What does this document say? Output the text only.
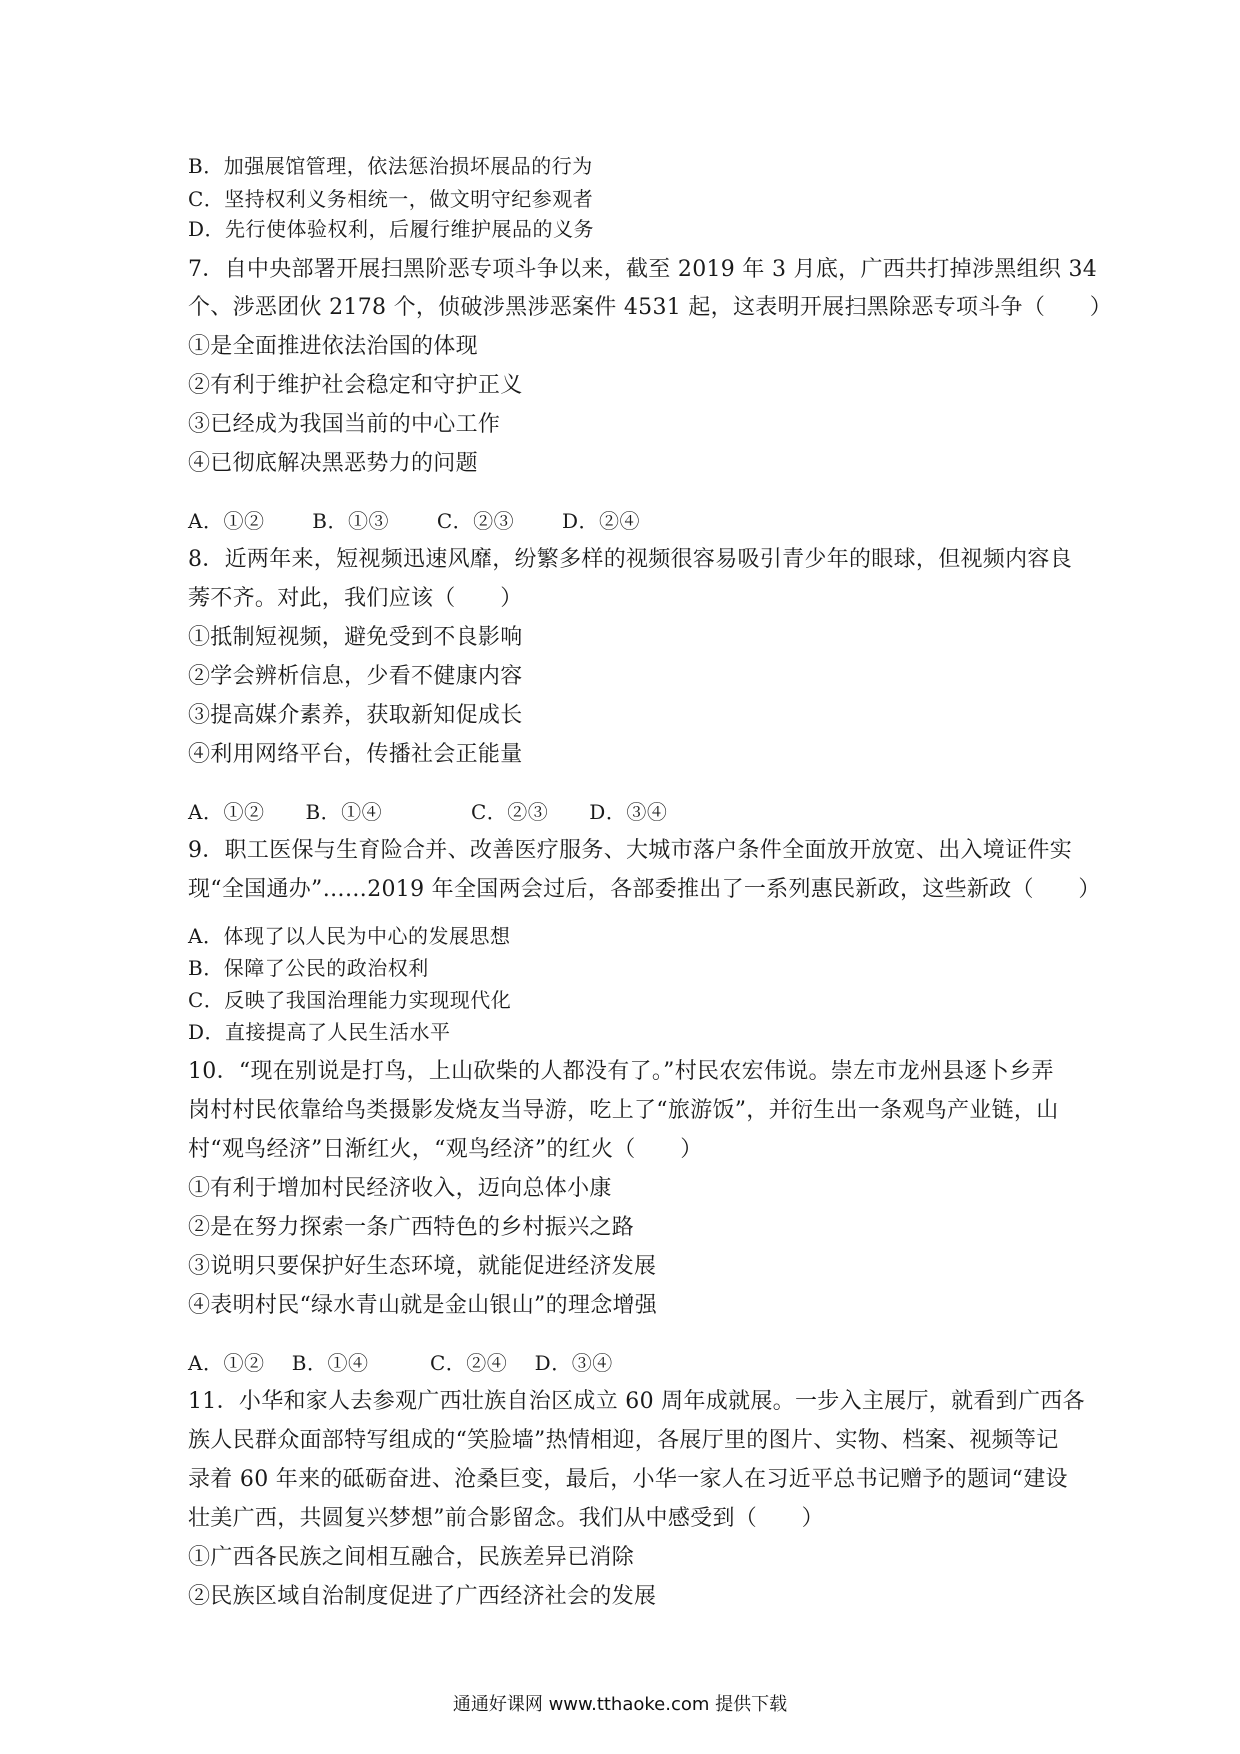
B．加强展馆管理，依法惩治损坏展品的行为
C．坚持权利义务相统一，做文明守纪参观者
D．先行使体验权利，后履行维护展品的义务
7．自中央部署开展扫黑阶恶专项斗争以来，截至 2019 年 3 月底，广西共打掉涉黑组织 34
个、涉恶团伙 2178 个，侦破涉黑涉恶案件 4531 起，这表明开展扫黑除恶专项斗争（　　）
①是全面推进依法治国的体现
②有利于维护社会稳定和守护正义
③已经成为我国当前的中心工作
④已彻底解决黑恶势力的问题
A．①②　　 B．①③　　 C．②③　　 D．②④
8．近两年来，短视频迅速风靡，纷繁多样的视频很容易吸引青少年的眼球，但视频内容良
莠不齐。对此，我们应该（　　）
①抵制短视频，避免受到不良影响
②学会辨析信息，少看不健康内容
③提高媒介素养，获取新知促成长
④利用网络平台，传播社会正能量
A．①②　　B．①④　　　　 C．②③　　D．③④
9．职工医保与生育险合并、改善医疗服务、大城市落户条件全面放开放宽、出入境证件实
现“全国通办”……2019 年全国两会过后，各部委推出了一系列惠民新政，这些新政（　　）
A．体现了以人民为中心的发展思想
B．保障了公民的政治权利
C．反映了我国治理能力实现现代化
D．直接提高了人民生活水平
10．“现在别说是打鸟，上山砍柴的人都没有了。”村民农宏伟说。崇左市龙州县逐卜乡弄
岗村村民依靠给鸟类摄影发烧友当导游，吃上了“旅游饭”，并衍生出一条观鸟产业链，山
村“观鸟经济”日渐红火，“观鸟经济”的红火（　　）
①有利于增加村民经济收入，迈向总体小康
②是在努力探索一条广西特色的乡村振兴之路
③说明只要保护好生态环境，就能促进经济发展
④表明村民“绿水青山就是金山银山”的理念增强
A．①②　 B．①④　　　C．②④　 D．③④
11．小华和家人去参观广西壮族自治区成立 60 周年成就展。一步入主展厅，就看到广西各
族人民群众面部特写组成的“笑脸墙”热情相迎，各展厅里的图片、实物、档案、视频等记
录着 60 年来的砥砺奋进、沧桑巨变，最后，小华一家人在习近平总书记赠予的题词“建设
壮美广西，共圆复兴梦想”前合影留念。我们从中感受到（　　）
①广西各民族之间相互融合，民族差异已消除
②民族区域自治制度促进了广西经济社会的发展
通通好课网 www.tthaoke.com 提供下载
